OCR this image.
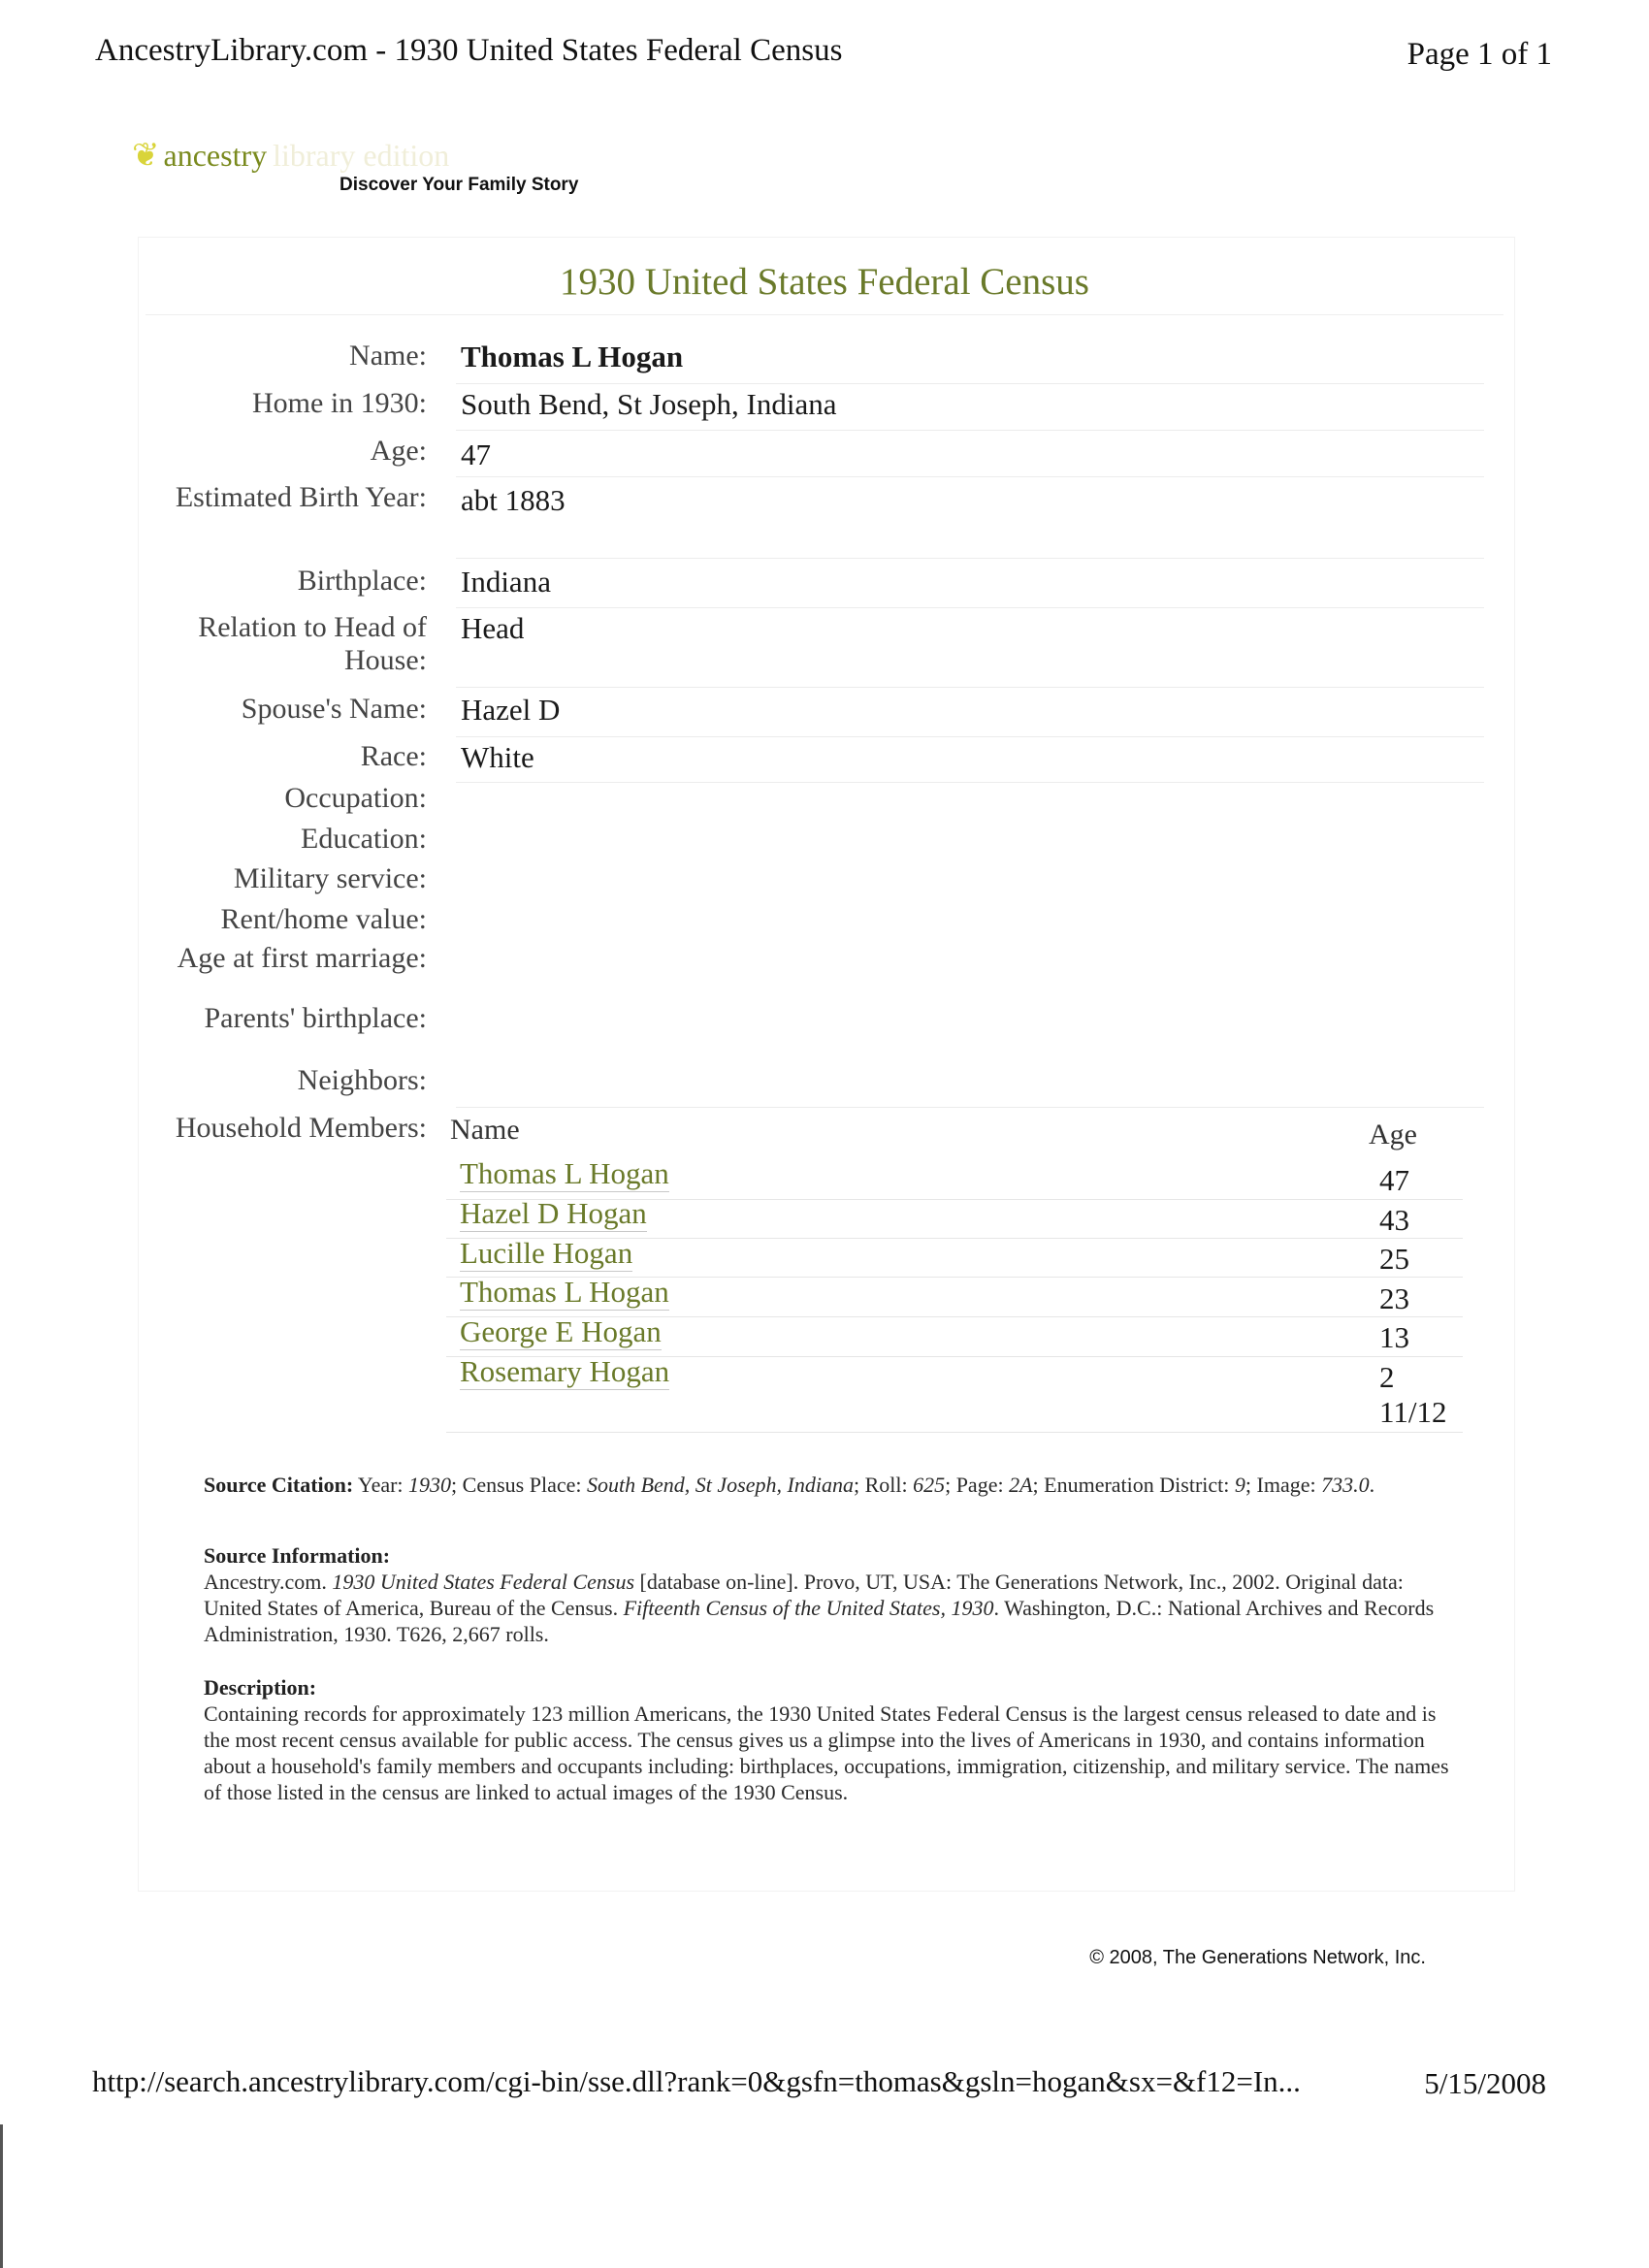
AncestryLibrary.com - 1930 United States Federal Census	Page 1 of 1
❦ ancestry library edition
Discover Your Family Story
1930 United States Federal Census
Name: Thomas L Hogan
Home in 1930: South Bend, St Joseph, Indiana
Age: 47
Estimated Birth Year: abt 1883
Birthplace: Indiana
Relation to Head of House:
Head
Spouse's Name: Hazel D
Race: White
Occupation:
Education:
Military service:
Rent/home value:
Age at first marriage:
Parents' birthplace:
Neighbors:
Household Members: Name	Age
Thomas L Hogan	47
Hazel D Hogan	43
Lucille Hogan	25
Thomas L Hogan	23
George E Hogan	13
Rosemary Hogan	2
11/12
Source Citation: Year: 1930; Census Place: South Bend, St Joseph, Indiana; Roll: 625; Page: 2A; Enumeration District: 9; Image: 733.0.
Source Information:
Ancestry.com. 1930 United States Federal Census [database on-line]. Provo, UT, USA: The Generations Network, Inc., 2002. Original data: United States of America, Bureau of the Census. Fifteenth Census of the United States, 1930. Washington, D.C.: National Archives and Records Administration, 1930. T626, 2,667 rolls.
Description:
Containing records for approximately 123 million Americans, the 1930 United States Federal Census is the largest census released to date and is the most recent census available for public access. The census gives us a glimpse into the lives of Americans in 1930, and contains information about a household's family members and occupants including: birthplaces, occupations, immigration, citizenship, and military service. The names of those listed in the census are linked to actual images of the 1930 Census.
© 2008, The Generations Network, Inc.
http://search.ancestrylibrary.com/cgi-bin/sse.dll?rank=0&gsfn=thomas&gsln=hogan&sx=&f12=In...	5/15/2008
